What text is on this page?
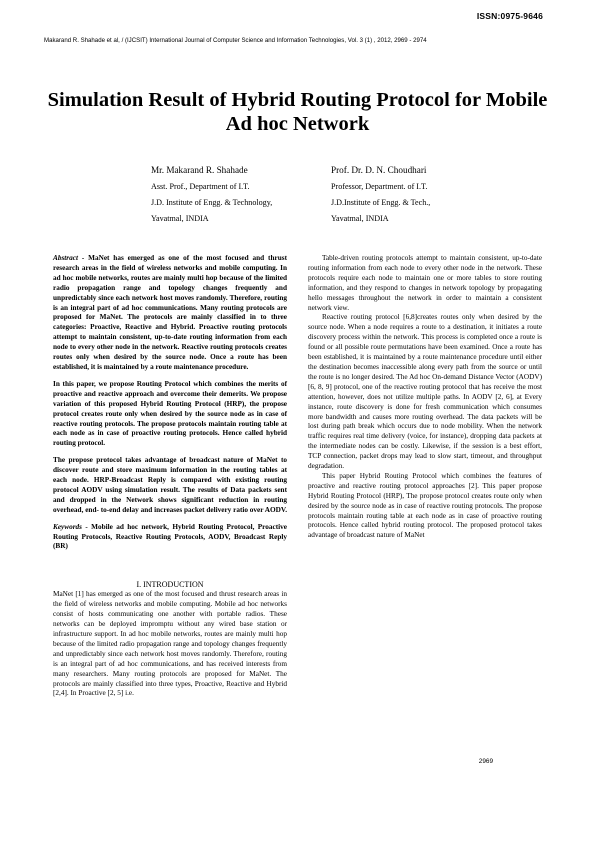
ISSN:0975-9646
Makarand R. Shahade et al, / (IJCSIT) International Journal of Computer Science and Information Technologies, Vol. 3 (1) , 2012, 2969 - 2974
Simulation Result of Hybrid Routing Protocol for Mobile Ad hoc Network
Mr. Makarand R. Shahade
Asst. Prof., Department of I.T.
J.D. Institute of Engg. & Technology,
Yavatmal, INDIA
Prof. Dr. D. N. Choudhari
Professor, Department. of I.T.
J.D.Institute of Engg. & Tech.,
Yavatmal, INDIA

Abstract - MaNet has emerged as one of the most focused and thrust research areas in the field of wireless networks and mobile computing. In ad hoc mobile networks, routes are mainly multi hop because of the limited radio propagation range and topology changes frequently and unpredictably since each network host moves randomly. Therefore, routing is an integral part of ad hoc communications. Many routing protocols are proposed for MaNet. The protocols are mainly classified in to three categories: Proactive, Reactive and Hybrid. Proactive routing protocols attempt to maintain consistent, up-to-date routing information from each node to every other node in the network. Reactive routing protocols creates routes only when desired by the source node. Once a route has been established, it is maintained by a route maintenance procedure.

In this paper, we propose Routing Protocol which combines the merits of proactive and reactive approach and overcome their demerits. We propose variation of this proposed Hybrid Routing Protocol (HRP), the propose protocol creates route only when desired by the source node as in case of reactive routing protocols. The propose protocols maintain routing table at each node as in case of proactive routing protocols. Hence called hybrid routing protocol.

The propose protocol takes advantage of broadcast nature of MaNet to discover route and store maximum information in the routing tables at each node. HRP-Broadcast Reply is compared with existing routing protocol AODV using simulation result. The results of Data packets sent and dropped in the Network shows significant reduction in routing overhead, end- to-end delay and increases packet delivery ratio over AODV.

Keywords - Mobile ad hoc network, Hybrid Routing Protocol, Proactive Routing Protocols, Reactive Routing Protocols, AODV, Broadcast Reply (BR)

I. INTRODUCTION

MaNet [1] has emerged as one of the most focused and thrust research areas in the field of wireless networks and mobile computing. Mobile ad hoc networks consist of hosts communicating one another with portable radios. These networks can be deployed impromptu without any wired base station or infrastructure support. In ad hoc mobile networks, routes are mainly multi hop because of the limited radio propagation range and topology changes frequently and unpredictably since each network host moves randomly. Therefore, routing is an integral part of ad hoc communications, and has received interests from many researchers. Many routing protocols are proposed for MaNet. The protocols are mainly classified into three types, Proactive, Reactive and Hybrid [2,4]. In Proactive [2, 5] i.e.

Table-driven routing protocols attempt to maintain consistent, up-to-date routing information from each node to every other node in the network. These protocols require each node to maintain one or more tables to store routing information, and they respond to changes in network topology by propagating hello messages throughout the network in order to maintain a consistent network view.

Reactive routing protocol [6,8]creates routes only when desired by the source node. When a node requires a route to a destination, it initiates a route discovery process within the network. This process is completed once a route is found or all possible route permutations have been examined. Once a route has been established, it is maintained by a route maintenance procedure until either the destination becomes inaccessible along every path from the source or until the route is no longer desired. The Ad hoc On-demand Distance Vector (AODV) [6, 8, 9] protocol, one of the reactive routing protocol that has receive the most attention, however, does not utilize multiple paths. In AODV [2, 6], at Every instance, route discovery is done for fresh communication which consumes more bandwidth and causes more routing overhead. The data packets will be lost during path break which occurs due to node mobility. When the network traffic requires real time delivery (voice, for instance), dropping data packets at the intermediate nodes can be costly. Likewise, if the session is a best effort, TCP connection, packet drops may lead to slow start, timeout, and throughput degradation.

This paper Hybrid Routing Protocol which combines the features of proactive and reactive routing protocol approaches [2]. This paper propose Hybrid Routing Protocol (HRP), The propose protocol creates route only when desired by the source node as in case of reactive routing protocols. The propose protocols maintain routing table at each node as in case of proactive routing protocols. Hence called hybrid routing protocol. The proposed protocol takes advantage of broadcast nature of MaNet

2969
